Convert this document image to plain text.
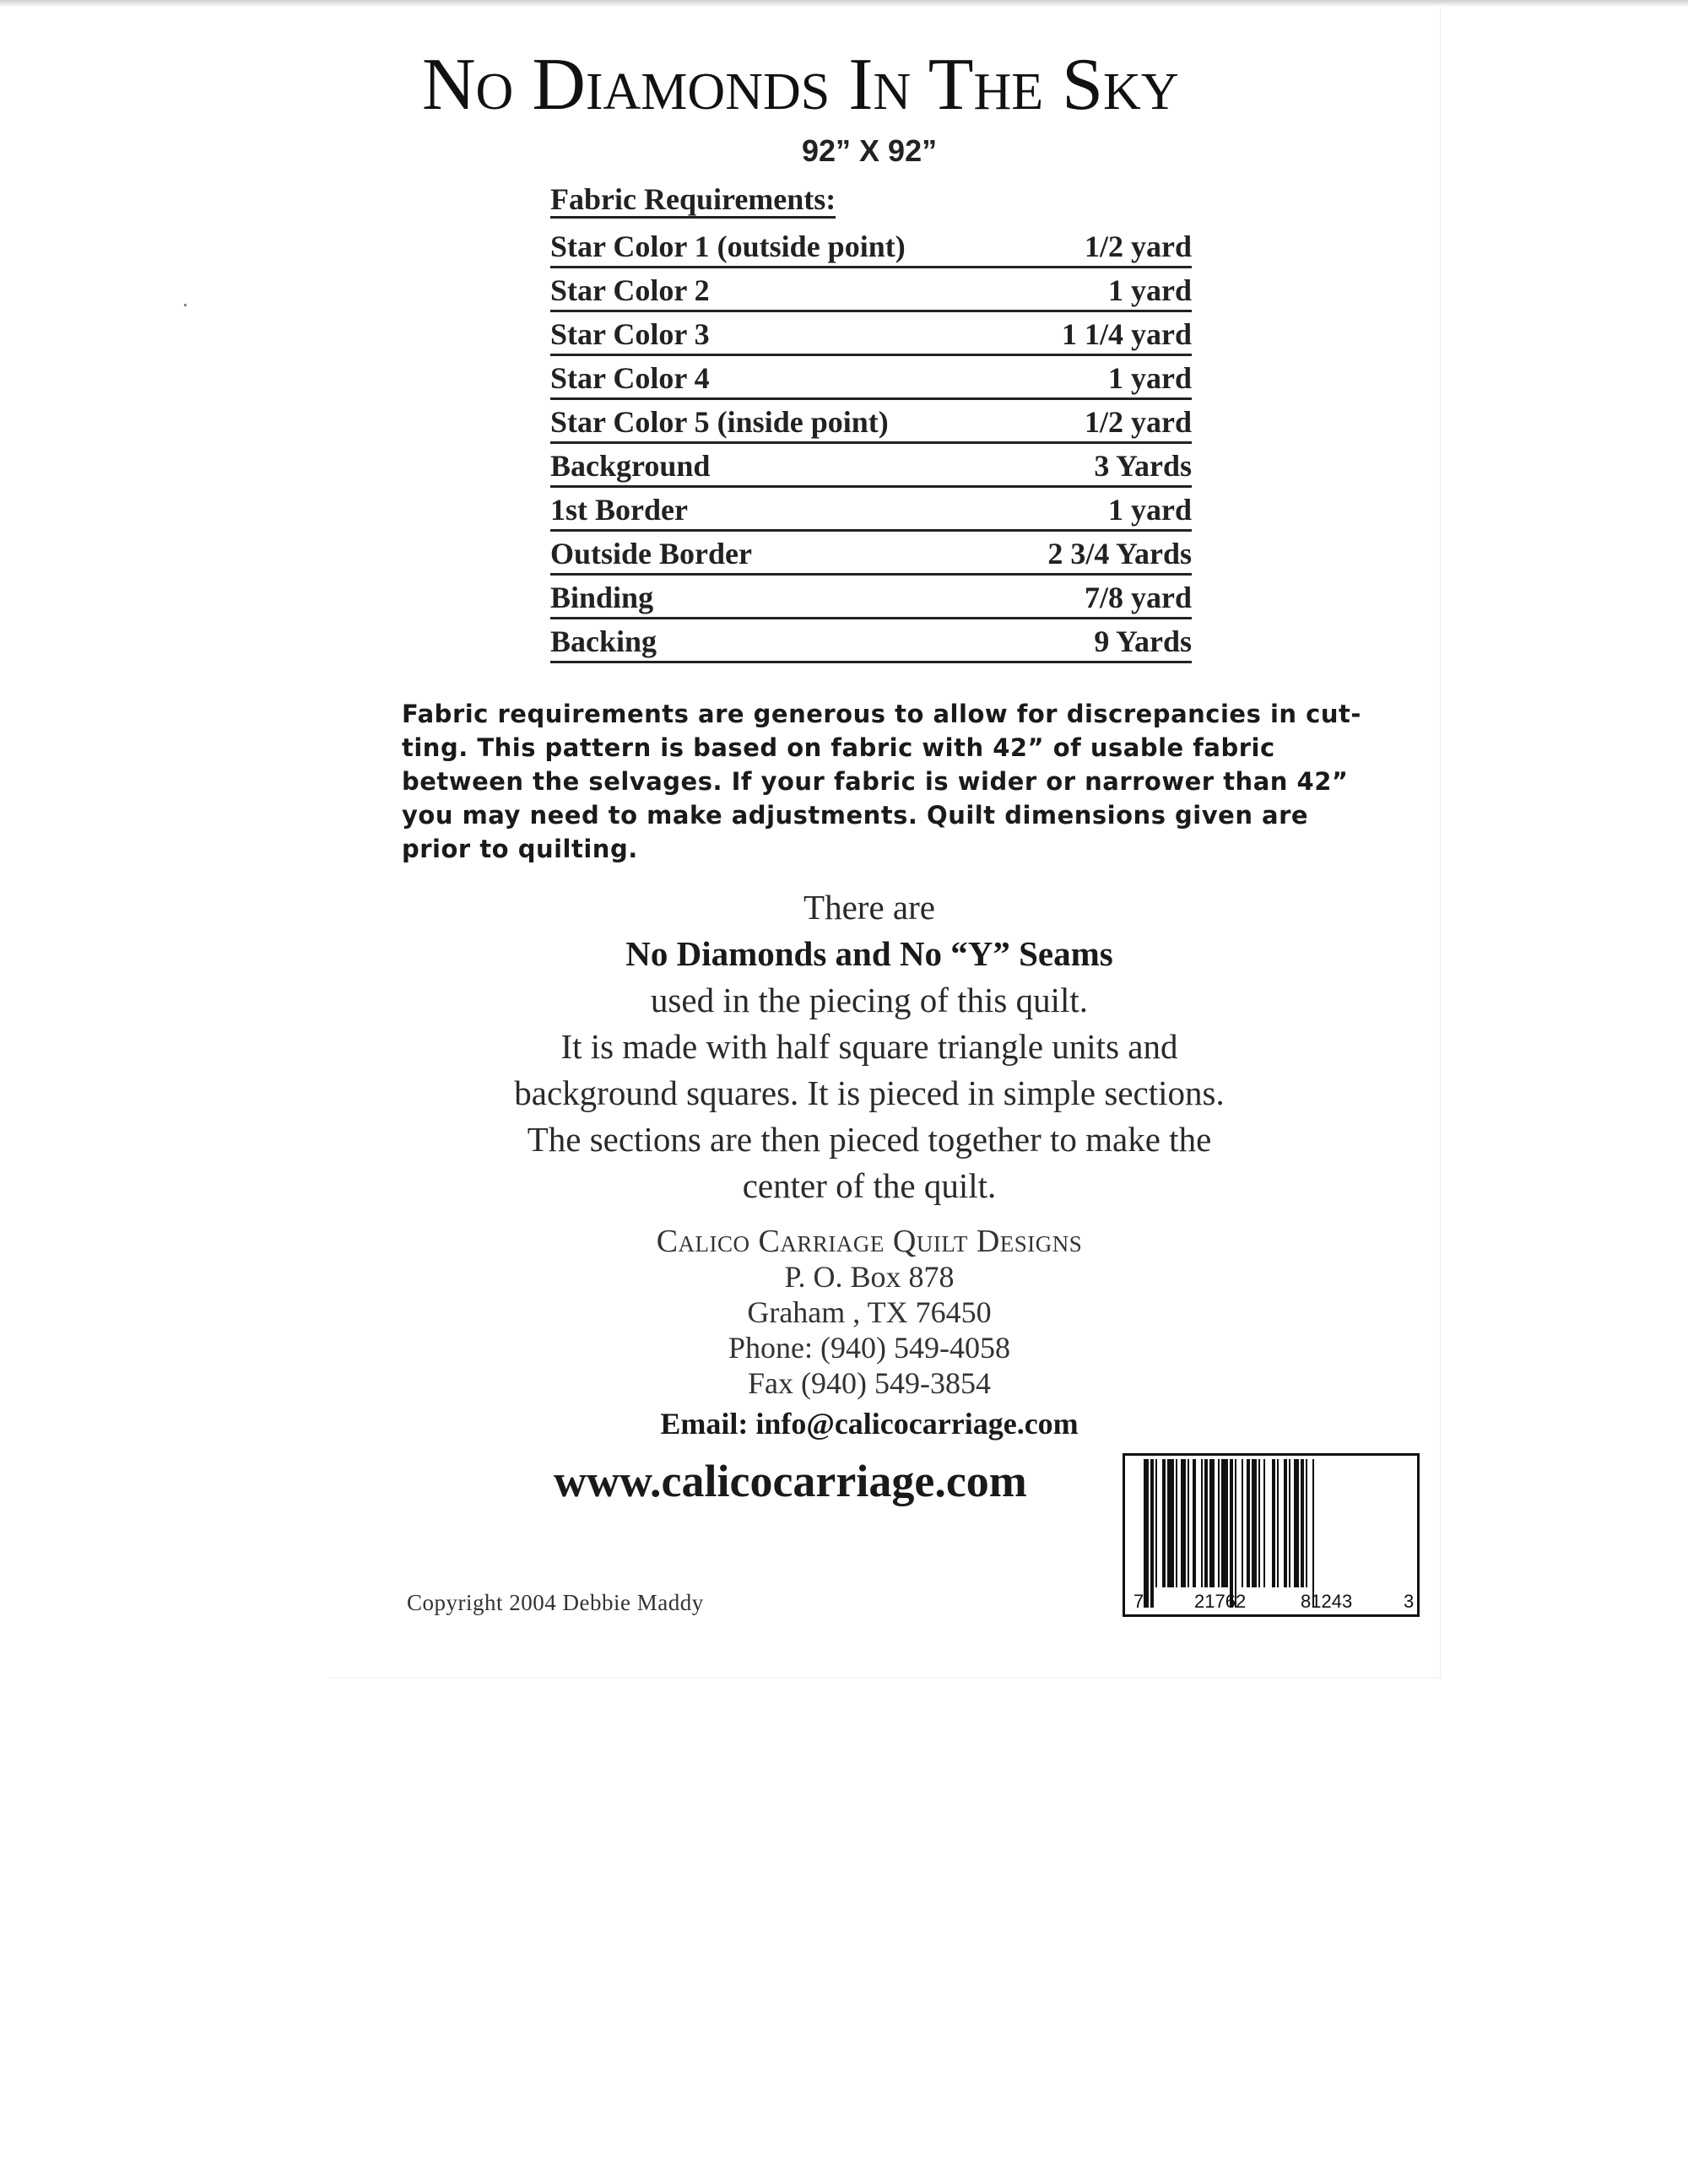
No Diamonds In The Sky
92” X 92”
Fabric Requirements:
Star Color 1 (outside point)	1/2 yard
Star Color 2	1 yard
Star Color 3	1 1/4 yard
Star Color 4	1 yard
Star Color 5 (inside point)	1/2 yard
Background	3 Yards
1st Border	1 yard
Outside Border	2 3/4 Yards
Binding	7/8 yard
Backing	9 Yards

Fabric requirements are generous to allow for discrepancies in cut-

ting. This pattern is based on fabric with 42” of usable fabric

between the selvages. If your fabric is wider or narrower than 42”

you may need to make adjustments. Quilt dimensions given are

prior to quilting.

There are

No Diamonds and No “Y” Seams

used in the piecing of this quilt.

It is made with half square triangle units and

background squares. It is pieced in simple sections.

The sections are then pieced together to make the

center of the quilt.

Calico Carriage Quilt Designs

P. O. Box 878

Graham , TX 76450

Phone: (940) 549-4058

Fax (940) 549-3854

Email: info@calicocarriage.com

www.calicocarriage.com
Copyright 2004 Debbie Maddy	7	21762	81243	3
